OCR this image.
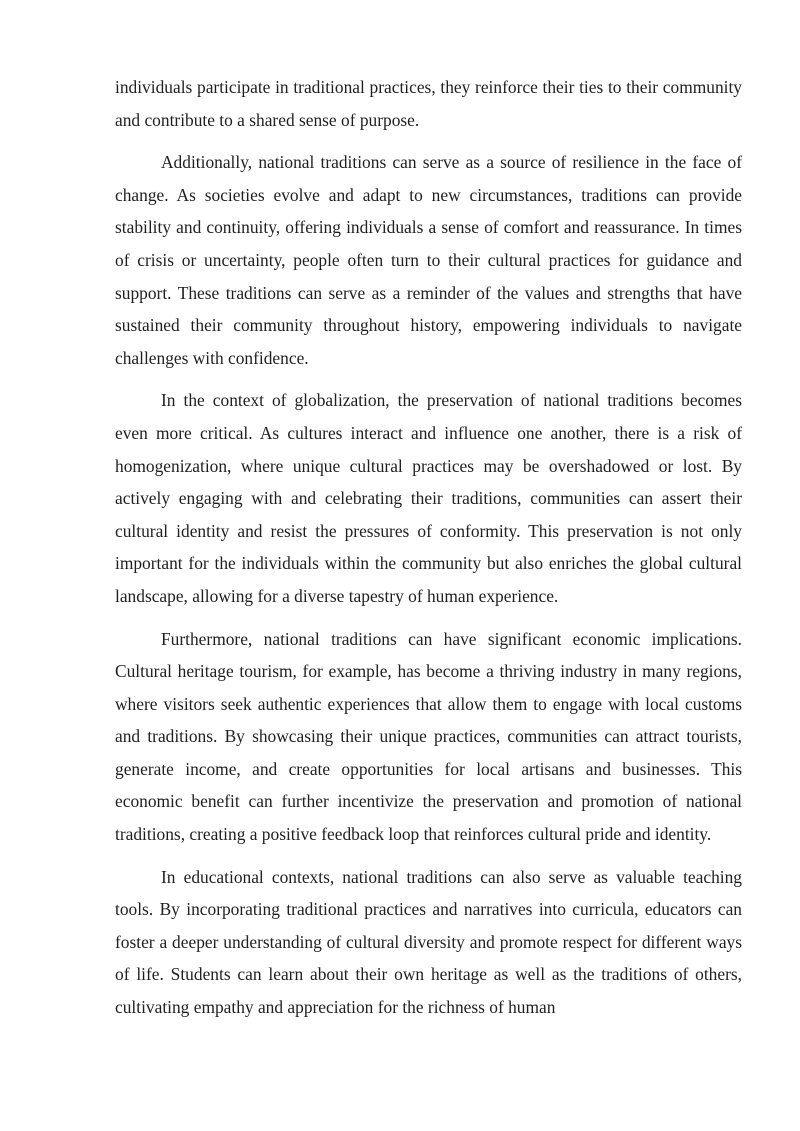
individuals participate in traditional practices, they reinforce their ties to their community and contribute to a shared sense of purpose.

Additionally, national traditions can serve as a source of resilience in the face of change. As societies evolve and adapt to new circumstances, traditions can provide stability and continuity, offering individuals a sense of comfort and reassurance. In times of crisis or uncertainty, people often turn to their cultural practices for guidance and support. These traditions can serve as a reminder of the values and strengths that have sustained their community throughout history, empowering individuals to navigate challenges with confidence.

In the context of globalization, the preservation of national traditions becomes even more critical. As cultures interact and influence one another, there is a risk of homogenization, where unique cultural practices may be overshadowed or lost. By actively engaging with and celebrating their traditions, communities can assert their cultural identity and resist the pressures of conformity. This preservation is not only important for the individuals within the community but also enriches the global cultural landscape, allowing for a diverse tapestry of human experience.

Furthermore, national traditions can have significant economic implications. Cultural heritage tourism, for example, has become a thriving industry in many regions, where visitors seek authentic experiences that allow them to engage with local customs and traditions. By showcasing their unique practices, communities can attract tourists, generate income, and create opportunities for local artisans and businesses. This economic benefit can further incentivize the preservation and promotion of national traditions, creating a positive feedback loop that reinforces cultural pride and identity.

In educational contexts, national traditions can also serve as valuable teaching tools. By incorporating traditional practices and narratives into curricula, educators can foster a deeper understanding of cultural diversity and promote respect for different ways of life. Students can learn about their own heritage as well as the traditions of others, cultivating empathy and appreciation for the richness of human
